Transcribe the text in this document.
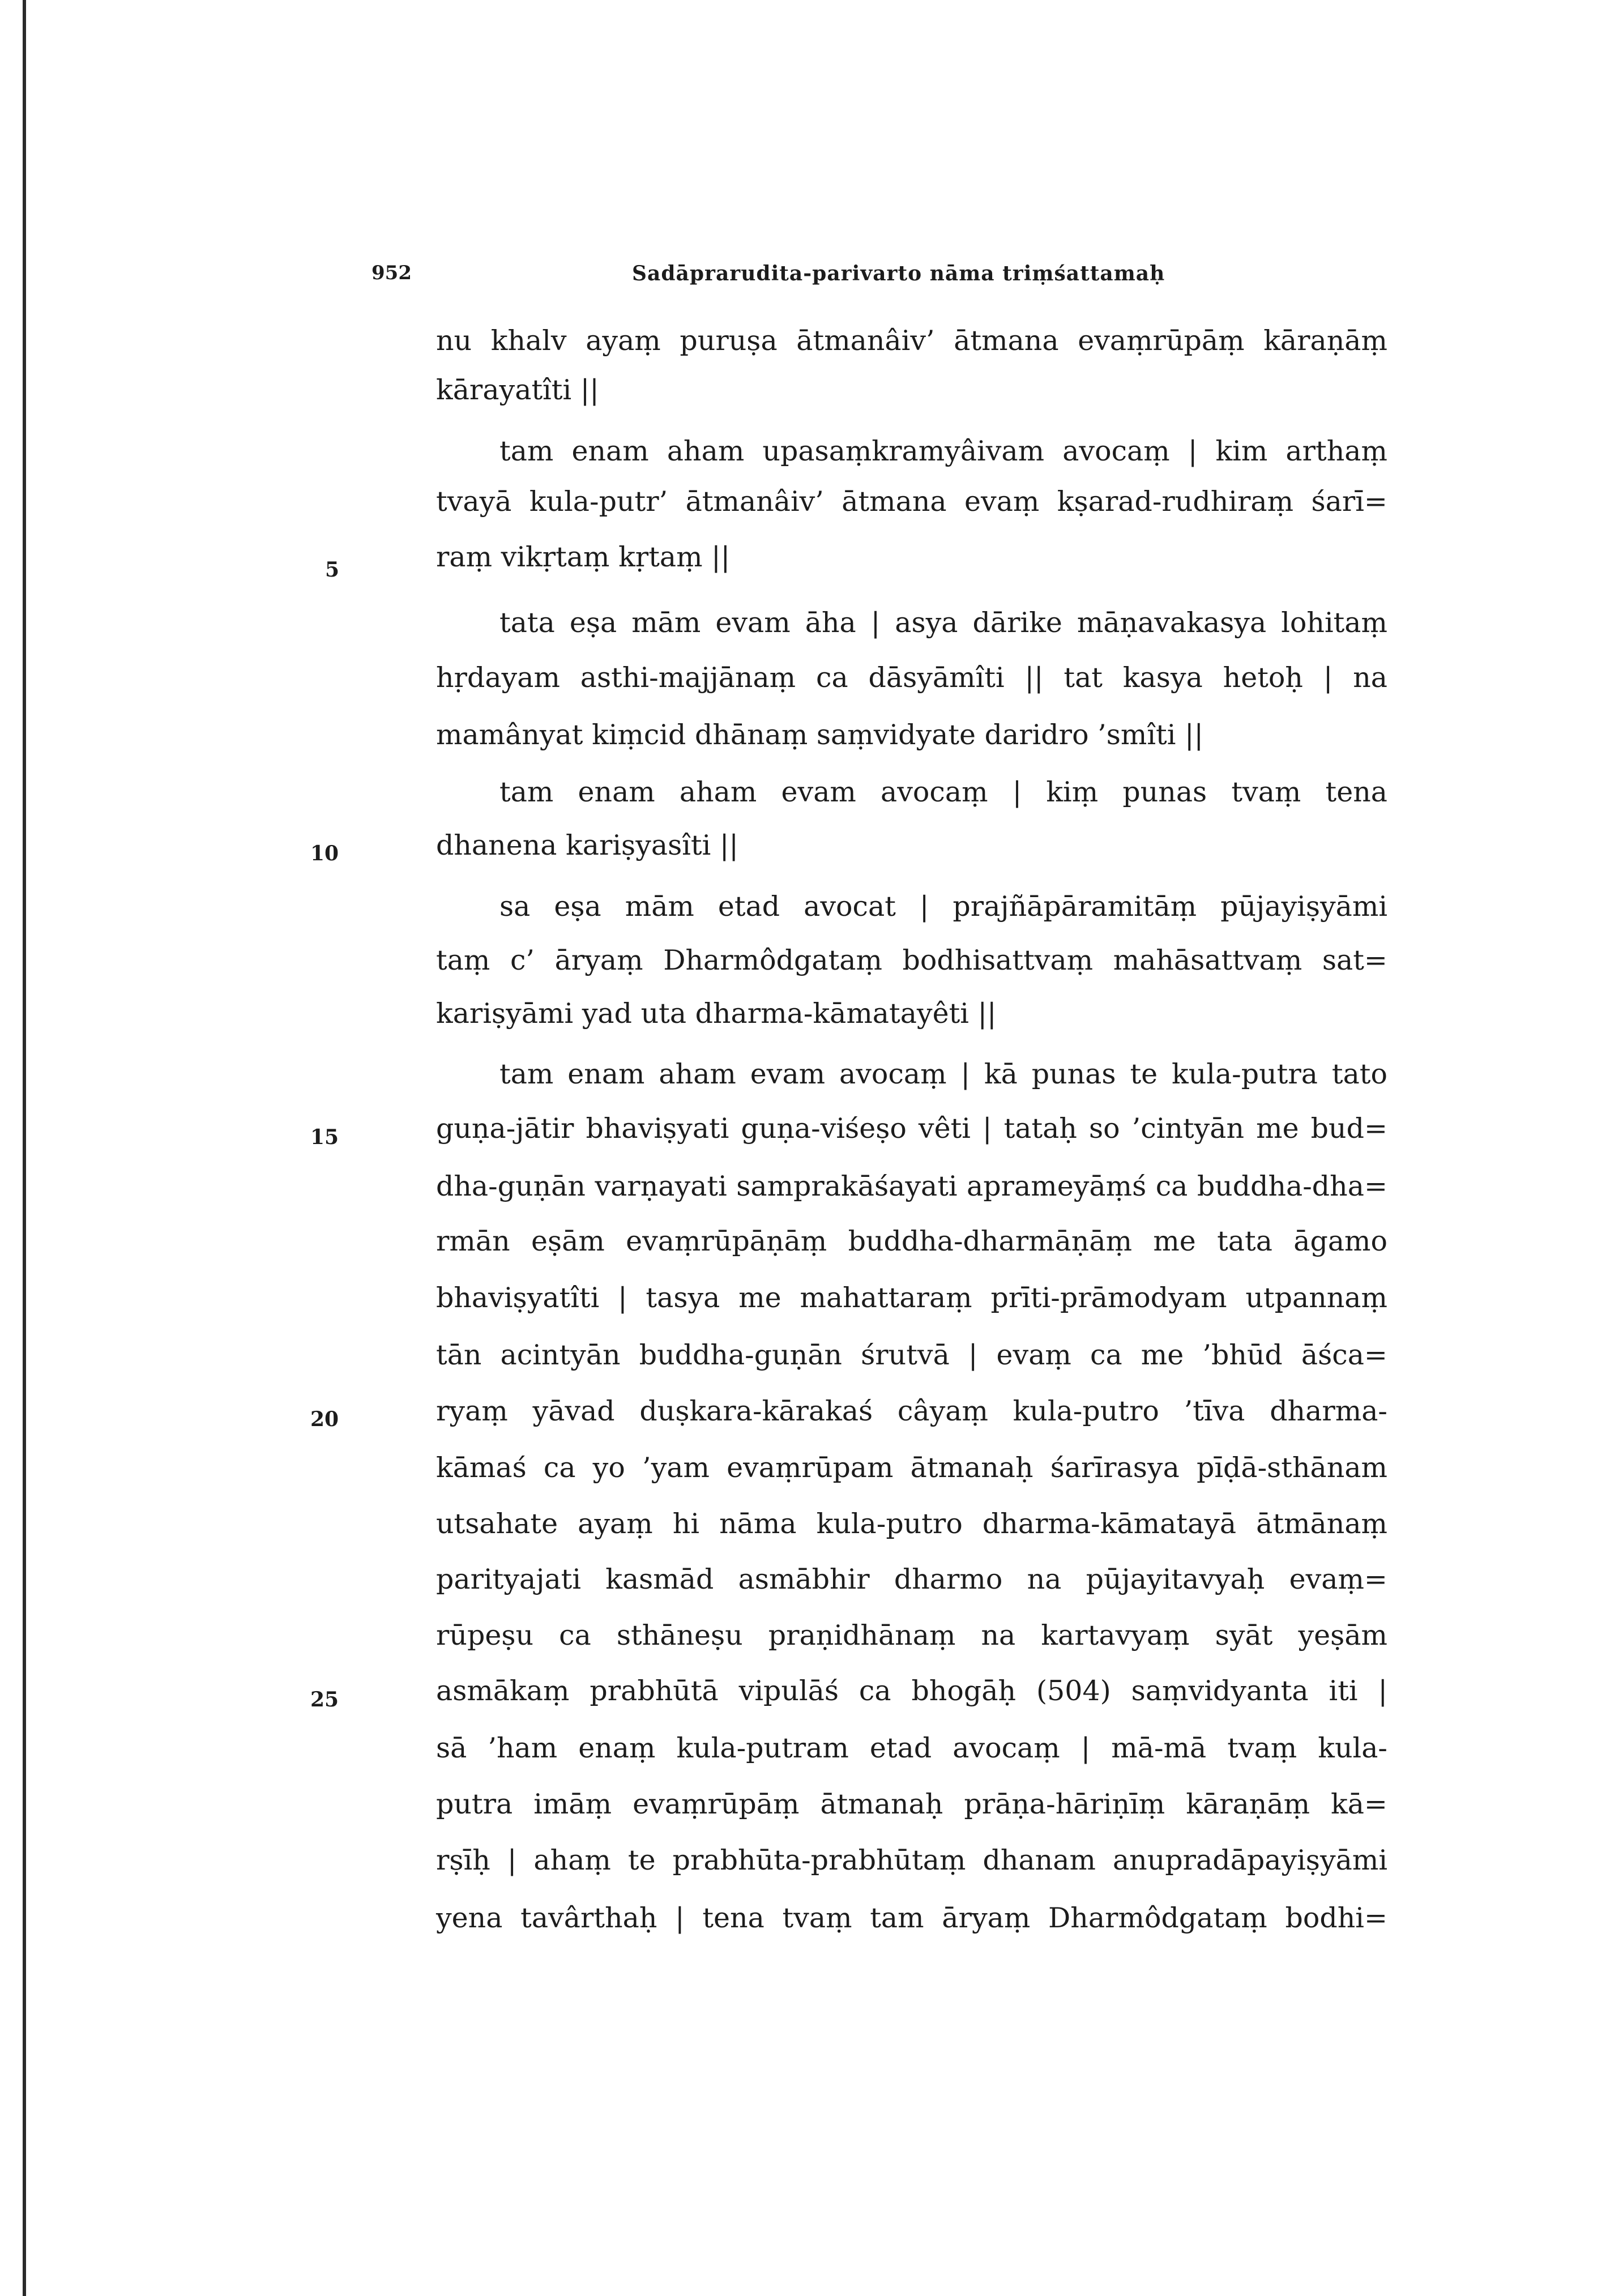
952	Sadāprarudita-parivarto nāma triṃśattamaḥ
nu khalv ayaṃ puruṣa ātmanâiv’ ātmana evaṃrūpāṃ kāraṇāṃ
kārayatîti ||
tam enam aham upasaṃkramyâivam avocaṃ | kim arthaṃ
tvayā kula-putr’ ātmanâiv’ ātmana evaṃ kṣarad-rudhiraṃ śarī=
raṃ vikṛtaṃ kṛtaṃ ||
tata eṣa mām evam āha | asya dārike māṇavakasya lohitaṃ
hṛdayam asthi-majjānaṃ ca dāsyāmîti || tat kasya hetoḥ | na
mamânyat kiṃcid dhānaṃ saṃvidyate daridro ’smîti ||
tam enam aham evam avocaṃ | kiṃ punas tvaṃ tena
dhanena kariṣyasîti ||
sa eṣa mām etad avocat | prajñāpāramitāṃ pūjayiṣyāmi
taṃ c’ āryaṃ Dharmôdgataṃ bodhisattvaṃ mahāsattvaṃ sat=
kariṣyāmi yad uta dharma-kāmatayêti ||
tam enam aham evam avocaṃ | kā punas te kula-putra tato
guṇa-jātir bhaviṣyati guṇa-viśeṣo vêti | tataḥ so ’cintyān me bud=
dha-guṇān varṇayati samprakāśayati aprameyāṃś ca buddha-dha=
rmān eṣām evaṃrūpāṇāṃ buddha-dharmāṇāṃ me tata āgamo
bhaviṣyatîti | tasya me mahattaraṃ prīti-prāmodyam utpannaṃ
tān acintyān buddha-guṇān śrutvā | evaṃ ca me ’bhūd āśca=
ryaṃ yāvad duṣkara-kārakaś câyaṃ kula-putro ’tīva dharma-
kāmaś ca yo ’yam evaṃrūpam ātmanaḥ śarīrasya pīḍā-sthānam
utsahate ayaṃ hi nāma kula-putro dharma-kāmatayā ātmānaṃ
parityajati kasmād asmābhir dharmo na pūjayitavyaḥ evaṃ=
rūpeṣu ca sthāneṣu praṇidhānaṃ na kartavyaṃ syāt yeṣām
asmākaṃ prabhūtā vipulāś ca bhogāḥ (504) saṃvidyanta iti |
sā ’ham enaṃ kula-putram etad avocaṃ | mā-mā tvaṃ kula-
putra imāṃ evaṃrūpāṃ ātmanaḥ prāṇa-hāriṇīṃ kāraṇāṃ kā=
rṣīḥ | ahaṃ te prabhūta-prabhūtaṃ dhanam anupradāpayiṣyāmi
yena tavârthaḥ | tena tvaṃ tam āryaṃ Dharmôdgataṃ bodhi=
5
10
15
20
25
